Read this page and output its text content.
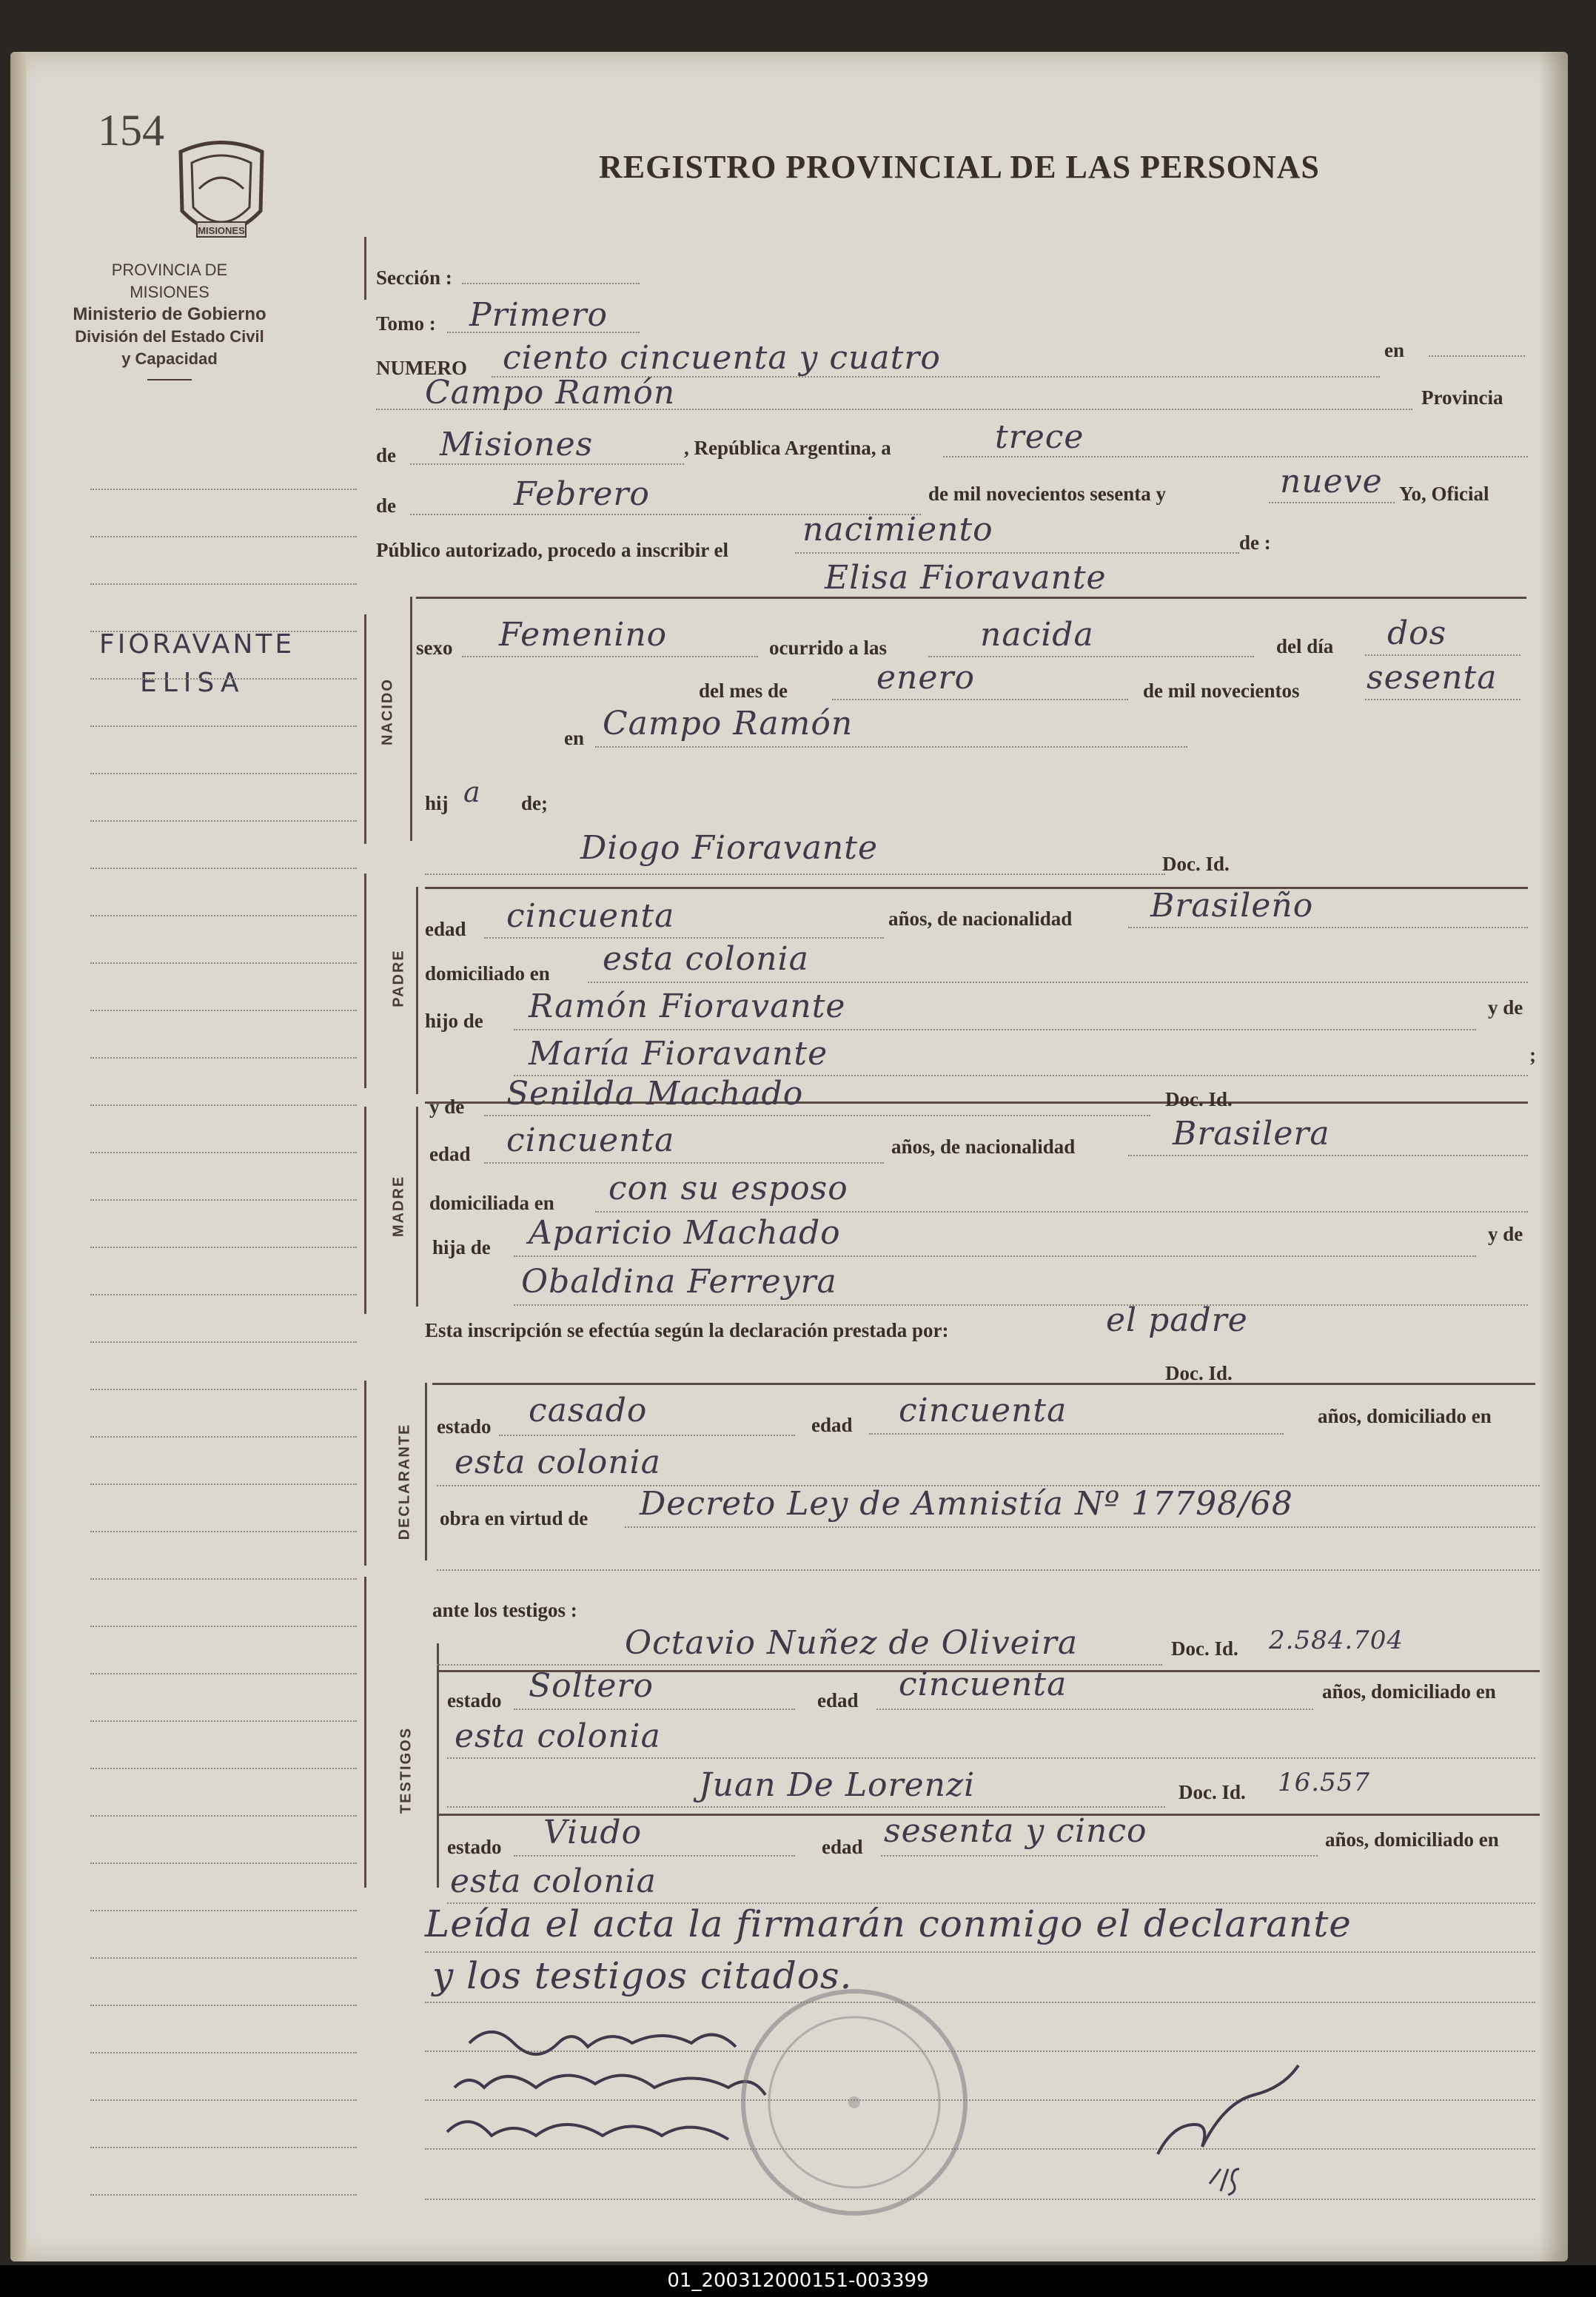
154
MISIONES
REGISTRO PROVINCIAL DE LAS PERSONAS
PROVINCIA DE MISIONES
Ministerio de Gobierno
División del Estado Civil
y Capacidad
FIORAVANTE
ELISA
Sección :
Tomo : Primero
NUMERO ciento cincuenta y cuatro	en
Campo Ramón	Provincia
de Misiones	, República Argentina, a	trece
de	Febrero	de mil novecientos sesenta y	nueve Yo, Oficial
Público autorizado, procedo a inscribir el
nacimiento	de :
Elisa Fioravante
NACIDO
sexo Femenino	ocurrido a las	nacida	del día dos
del mes de	enero	de mil novecientos sesenta
en Campo Ramón
hij a de;
Diogo Fioravante	Doc. Id.
PADRE
edad cincuenta	años, de nacionalidad Brasileño
domiciliado en esta colonia
hijo de Ramón Fioravante	y de
María Fioravante	;
y de Senilda Machado	Doc. Id.
MADRE
edad cincuenta	años, de nacionalidad	Brasilera
domiciliada en con su esposo
hija de Aparicio Machado	y de
Obaldina Ferreyra
Esta inscripción se efectúa según la declaración prestada por:	el padre
Doc. Id.
DECLARANTE estado casado	edad cincuenta	años, domiciliado en
esta colonia
obra en virtud de Decreto Ley de Amnistía Nº 17798/68
ante los testigos :
TESTIGOS
Octavio Nuñez de Oliveira	Doc. Id. 2.584.704
estado Soltero	edad cincuenta	años, domiciliado en
esta colonia
Juan De Lorenzi	Doc. Id. 16.557
estado Viudo	edad sesenta y cinco	años, domiciliado en
esta colonia
Leída el acta la firmarán conmigo el declarante
y los testigos citados.
01_200312000151-003399
